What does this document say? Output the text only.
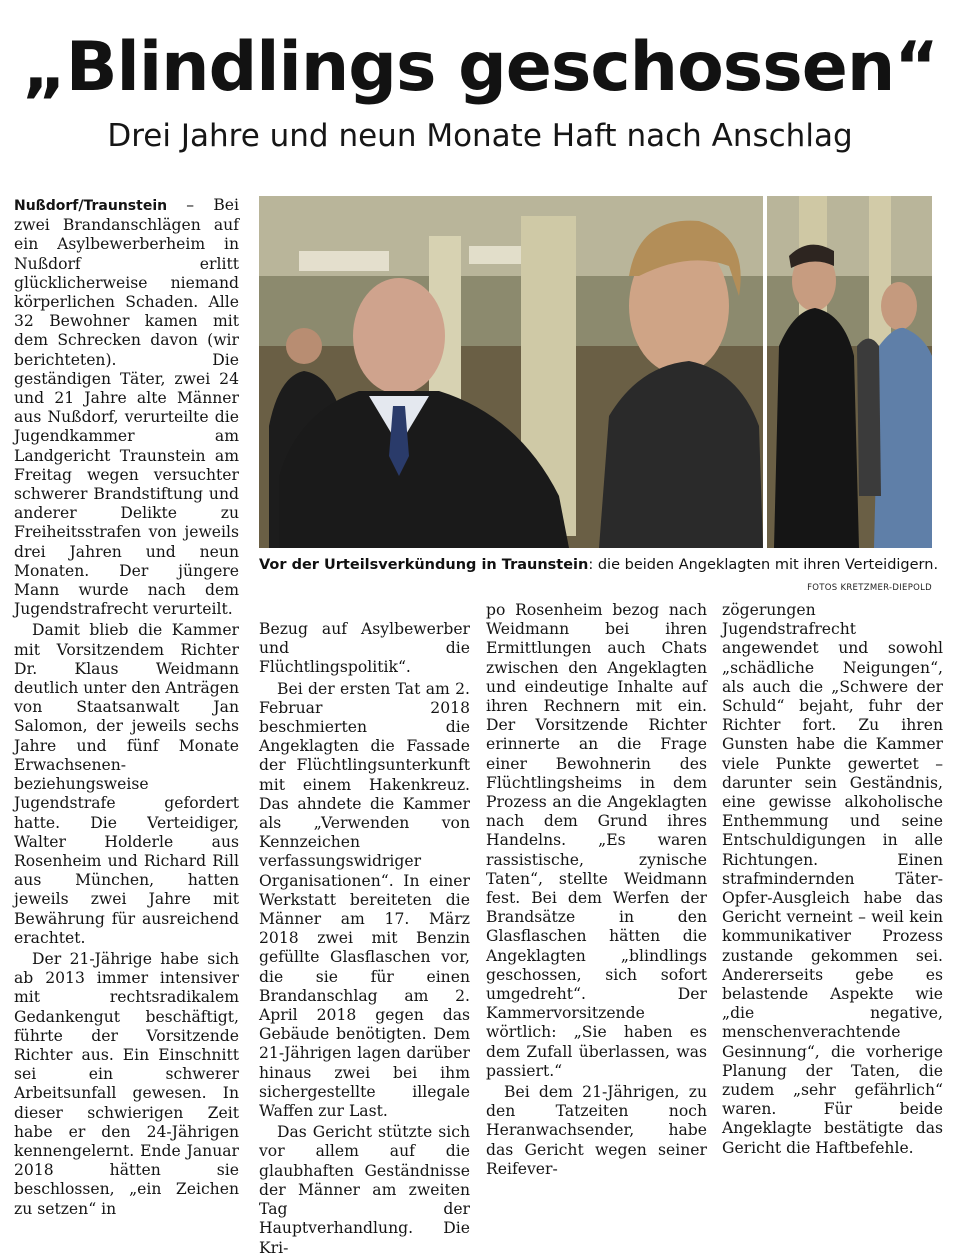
„Blindlings geschossen“
Drei Jahre und neun Monate Haft nach Anschlag

Nußdorf/Traunstein – Bei zwei Brandanschlägen auf ein Asylbewerberheim in Nußdorf erlitt glücklicherweise niemand körperlichen Schaden. Alle 32 Bewohner kamen mit dem Schrecken davon (wir berichteten). Die geständigen Täter, zwei 24 und 21 Jahre alte Männer aus Nußdorf, verurteilte die Jugendkammer am Landgericht Traunstein am Freitag wegen versuchter schwerer Brandstiftung und anderer Delikte zu Freiheitsstrafen von jeweils drei Jahren und neun Monaten. Der jüngere Mann wurde nach dem Jugendstrafrecht verurteilt.

Damit blieb die Kammer mit Vorsitzendem Richter Dr. Klaus Weidmann deutlich unter den Anträgen von Staatsanwalt Jan Salomon, der jeweils sechs Jahre und fünf Monate Erwachsenen- beziehungsweise Jugendstrafe gefordert hatte. Die Verteidiger, Walter Holderle aus Rosenheim und Richard Rill aus München, hatten jeweils zwei Jahre mit Bewährung für ausreichend erachtet.

Der 21-Jährige habe sich ab 2013 immer intensiver mit rechtsradikalem Gedankengut beschäftigt, führte der Vorsitzende Richter aus. Ein Einschnitt sei ein schwerer Arbeitsunfall gewesen. In dieser schwierigen Zeit habe er den 24-Jährigen kennengelernt. Ende Januar 2018 hätten sie beschlossen, „ein Zeichen zu setzen“ in

Vor der Urteilsverkündung in Traunstein: die beiden Angeklagten mit ihren Verteidigern.
FOTOS KRETZMER-DIEPOLD

Bezug auf Asylbewerber und die Flüchtlingspolitik“.

Bei der ersten Tat am 2. Februar 2018 beschmierten die Angeklagten die Fassade der Flüchtlingsunterkunft mit einem Hakenkreuz. Das ahndete die Kammer als „Verwenden von Kennzeichen verfassungswidriger Organisationen“. In einer Werkstatt bereiteten die Männer am 17. März 2018 zwei mit Benzin gefüllte Glasflaschen vor, die sie für einen Brandanschlag am 2. April 2018 gegen das Gebäude benötigten. Dem 21-Jährigen lagen darüber hinaus zwei bei ihm sichergestellte illegale Waffen zur Last.

Das Gericht stützte sich vor allem auf die glaubhaften Geständnisse der Männer am zweiten Tag der Hauptverhandlung. Die Kri-

po Rosenheim bezog nach Weidmann bei ihren Ermittlungen auch Chats zwischen den Angeklagten und eindeutige Inhalte auf ihren Rechnern mit ein. Der Vorsitzende Richter erinnerte an die Frage einer Bewohnerin des Flüchtlingsheims in dem Prozess an die Angeklagten nach dem Grund ihres Handelns. „Es waren rassistische, zynische Taten“, stellte Weidmann fest. Bei dem Werfen der Brandsätze in den Glasflaschen hätten die Angeklagten „blindlings geschossen, sich sofort umgedreht“. Der Kammervorsitzende wörtlich: „Sie haben es dem Zufall überlassen, was passiert.“

Bei dem 21-Jährigen, zu den Tatzeiten noch Heranwachsender, habe das Gericht wegen seiner Reifever-

zögerungen Jugendstrafrecht angewendet und sowohl „schädliche Neigungen“, als auch die „Schwere der Schuld“ bejaht, fuhr der Richter fort. Zu ihren Gunsten habe die Kammer viele Punkte gewertet – darunter sein Geständnis, eine gewisse alkoholische Enthemmung und seine Entschuldigungen in alle Richtungen. Einen strafmindernden Täter-Opfer-Ausgleich habe das Gericht verneint – weil kein kommunikativer Prozess zustande gekommen sei. Andererseits gebe es belastende Aspekte wie „die negative, menschenverachtende Gesinnung“, die vorherige Planung der Taten, die zudem „sehr gefährlich“ waren. Für beide Angeklagte bestätigte das Gericht die Haftbefehle.
